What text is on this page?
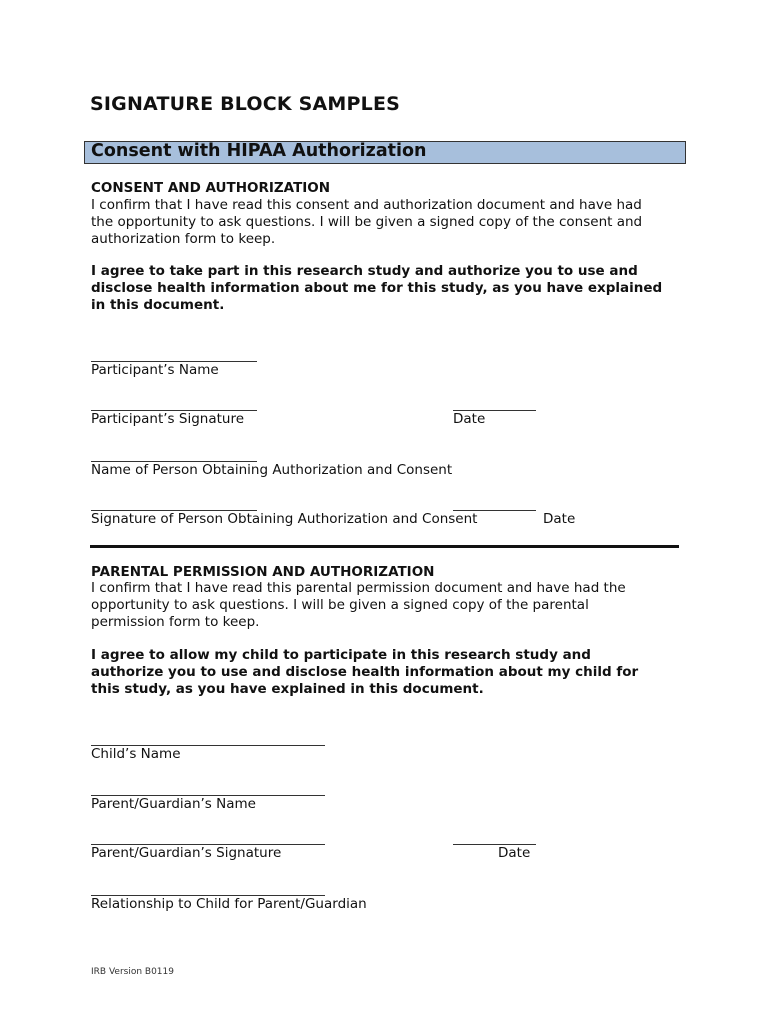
SIGNATURE BLOCK SAMPLES
Consent with HIPAA Authorization
CONSENT AND AUTHORIZATION
I confirm that I have read this consent and authorization document and have had
the opportunity to ask questions. I will be given a signed copy of the consent and
authorization form to keep.
I agree to take part in this research study and authorize you to use and
disclose health information about me for this study, as you have explained
in this document.
Participant’s Name
Participant’s Signature	Date
Name of Person Obtaining Authorization and Consent
Signature of Person Obtaining Authorization and Consent	Date
PARENTAL PERMISSION AND AUTHORIZATION
I confirm that I have read this parental permission document and have had the
opportunity to ask questions. I will be given a signed copy of the parental
permission form to keep.
I agree to allow my child to participate in this research study and
authorize you to use and disclose health information about my child for
this study, as you have explained in this document.
Child’s Name
Parent/Guardian’s Name
Parent/Guardian’s Signature	Date
Relationship to Child for Parent/Guardian
IRB Version B0119
